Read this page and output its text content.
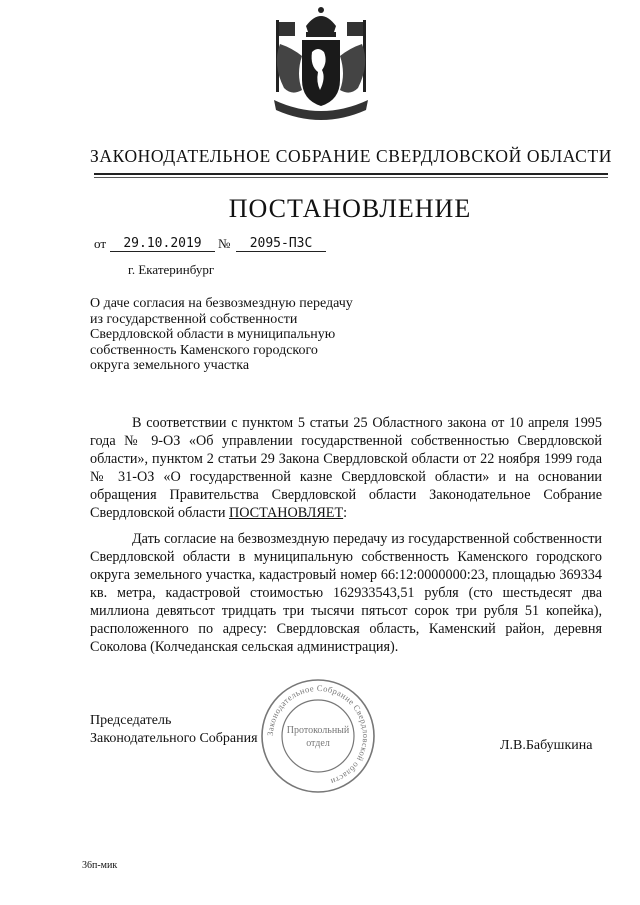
ЗАКОНОДАТЕЛЬНОЕ СОБРАНИЕ СВЕРДЛОВСКОЙ ОБЛАСТИ
ПОСТАНОВЛЕНИЕ
от	29.10.2019	№	2095-ПЗС
г. Екатеринбург
О даче согласия на безвозмездную передачу из государственной собственности Свердловской области в муниципальную собственность Каменского городского округа земельного участка
В соответствии с пунктом 5 статьи 25 Областного закона от 10 апреля 1995 года № 9-ОЗ «Об управлении государственной собственностью Свердловской области», пунктом 2 статьи 29 Закона Свердловской области от 22 ноября 1999 года № 31-ОЗ «О государственной казне Свердловской области» и на основании обращения Правительства Свердловской области Законодательное Собрание Свердловской области ПОСТАНОВЛЯЕТ:
Дать согласие на безвозмездную передачу из государственной собственности Свердловской области в муниципальную собственность Каменского городского округа земельного участка, кадастровый номер 66:12:0000000:23, площадью 369334 кв. метра, кадастровой стоимостью 162933543,51 рубля (сто шестьдесят два миллиона девятьсот тридцать три тысячи пятьсот сорок три рубля 51 копейка), расположенного по адресу: Свердловская область, Каменский район, деревня Соколова (Колчеданская сельская администрация).
Председатель
Законодательного Собрания	Л.В.Бабушкина
Законодательное Собрание Свердловской области
Протокольный
отдел
36п-мик
